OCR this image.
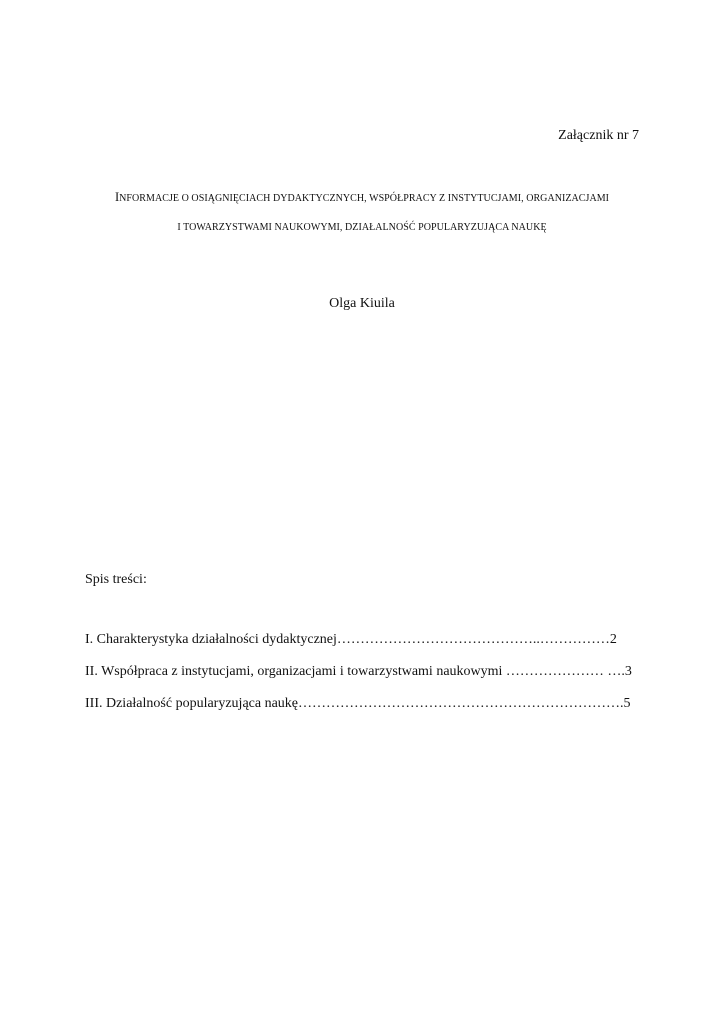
Załącznik nr 7
INFORMACJE O OSIĄGNIĘCIACH DYDAKTYCZNYCH, WSPÓŁPRACY Z INSTYTUCJAMI, ORGANIZACJAMI
I TOWARZYSTWAMI NAUKOWYMI, DZIAŁALNOŚĆ POPULARYZUJĄCA NAUKĘ
Olga Kiuila
Spis treści:
I. Charakterystyka działalności dydaktycznej……………………………………..……………2
II. Współpraca z instytucjami, organizacjami i towarzystwami naukowymi ………………… ….3
III. Działalność popularyzująca naukę…………………………………………………………….5
